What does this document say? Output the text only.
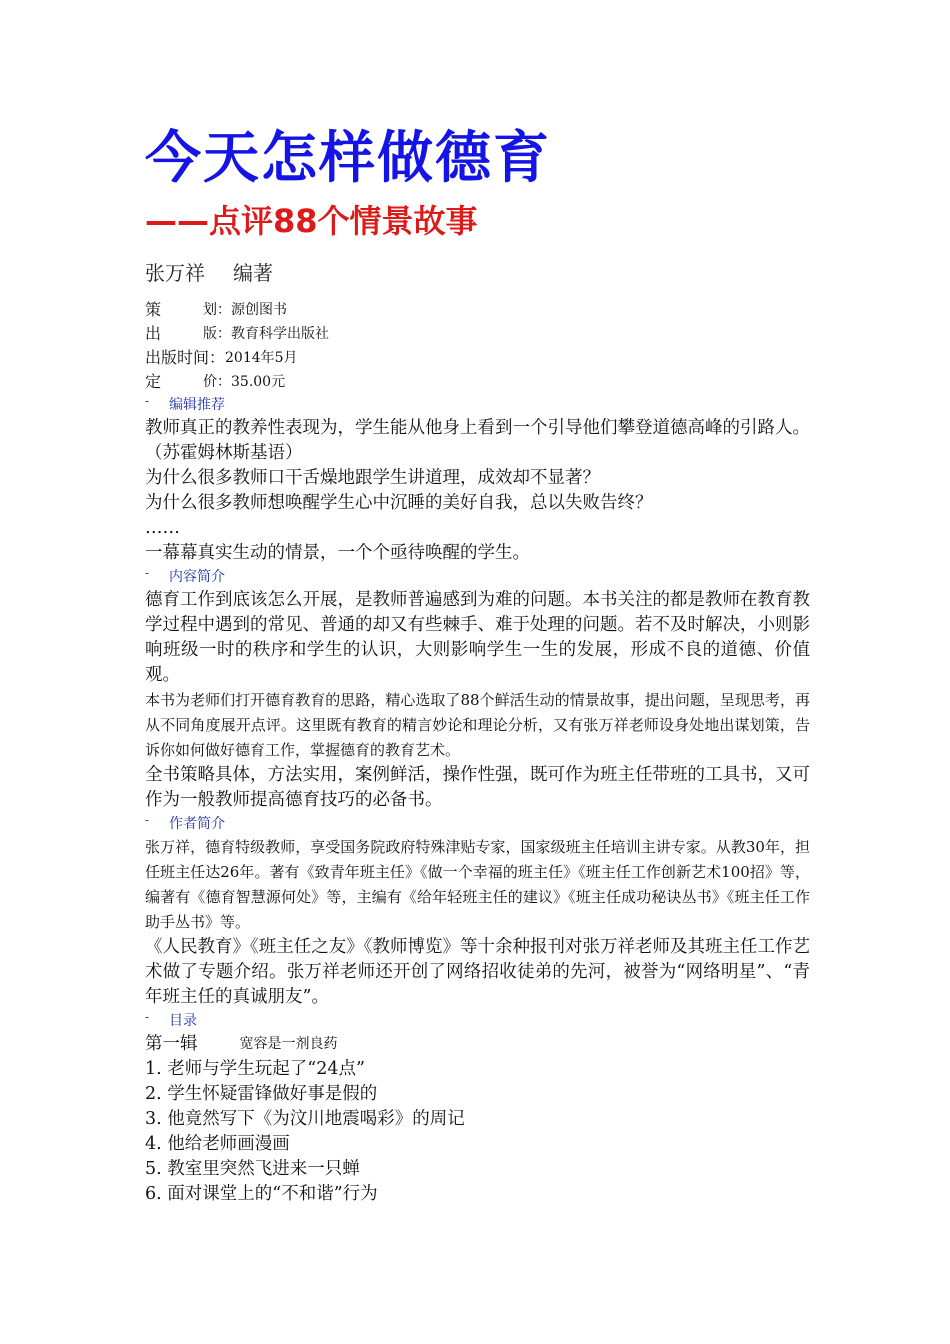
今天怎样做德育
——点评88个情景故事
张万祥 编著
策	划： 源创图书
出	版： 教育科学出版社
出版时间： 2014年5月
定	价： 35.00元
-	编辑推荐

教师真正的教养性表现为，学生能从他身上看到一个引导他们攀登道德高峰的引路人。（苏霍姆林斯基语）

为什么很多教师口干舌燥地跟学生讲道理，成效却不显著？

为什么很多教师想唤醒学生心中沉睡的美好自我，总以失败告终？

……

一幕幕真实生动的情景，一个个亟待唤醒的学生。

-	内容简介

德育工作到底该怎么开展，是教师普遍感到为难的问题。本书关注的都是教师在教育教学过程中遇到的常见、普通的却又有些棘手、难于处理的问题。若不及时解决，小则影响班级一时的秩序和学生的认识，大则影响学生一生的发展，形成不良的道德、价值观。

本书为老师们打开德育教育的思路，精心选取了88个鲜活生动的情景故事，提出问题，呈现思考，再从不同角度展开点评。这里既有教育的精言妙论和理论分析，又有张万祥老师设身处地出谋划策，告诉你如何做好德育工作，掌握德育的教育艺术。

全书策略具体，方法实用，案例鲜活，操作性强，既可作为班主任带班的工具书，又可作为一般教师提高德育技巧的必备书。

-	作者简介

张万祥，德育特级教师，享受国务院政府特殊津贴专家，国家级班主任培训主讲专家。从教30年，担任班主任达26年。著有《致青年班主任》《做一个幸福的班主任》《班主任工作创新艺术100招》等，编著有《德育智慧源何处》等，主编有《给年轻班主任的建议》《班主任成功秘诀丛书》《班主任工作助手丛书》等。

《人民教育》《班主任之友》《教师博览》等十余种报刊对张万祥老师及其班主任工作艺术做了专题介绍。张万祥老师还开创了网络招收徒弟的先河，被誉为“网络明星”、“青年班主任的真诚朋友”。

-	目录
第一辑	宽容是一剂良药
1. 老师与学生玩起了“24点”
2. 学生怀疑雷锋做好事是假的
3. 他竟然写下《为汶川地震喝彩》的周记
4. 他给老师画漫画
5. 教室里突然飞进来一只蝉
6. 面对课堂上的“不和谐”行为
